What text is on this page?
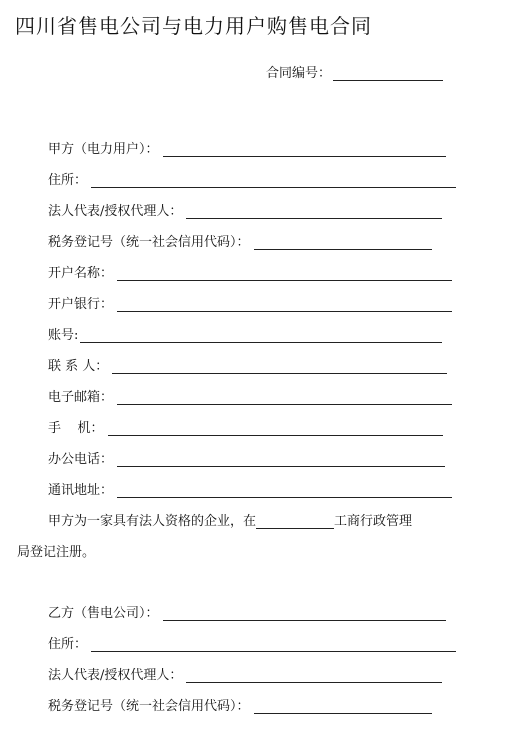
四川省售电公司与电力用户购售电合同
合同编号：
甲方（电力用户）：
住所：
法人代表/授权代理人：
税务登记号（统一社会信用代码）：
开户名称：
开户银行：
账号:
联 系 人：
电子邮箱：
手    机：
办公电话：
通讯地址：
甲方为一家具有法人资格的企业，在	工商行政管理
局登记注册。
乙方（售电公司）：
住所：
法人代表/授权代理人：
税务登记号（统一社会信用代码）：
